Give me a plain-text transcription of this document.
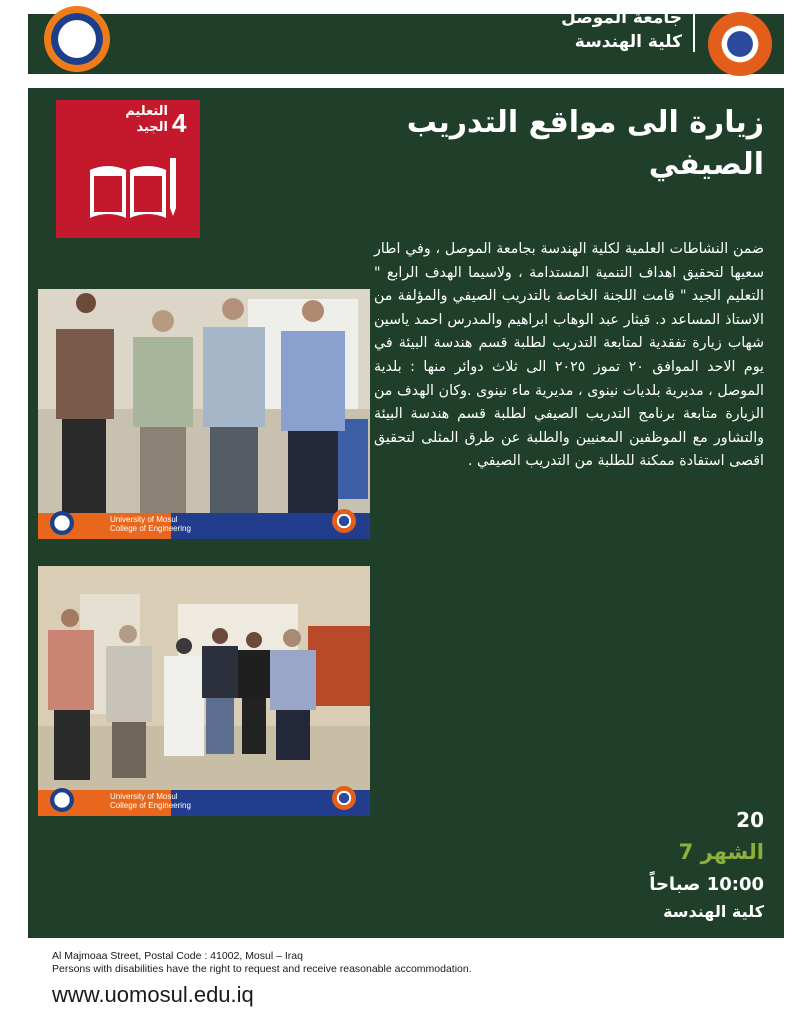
جامعة الموصل
كلية الهندسة
4
التعليم
الجيد	زيارة الى مواقع التدريب الصيفي
ضمن النشاطات العلمية لكلية الهندسة بجامعة الموصل ، وفي اطار سعيها لتحقيق اهداف التنمية المستدامة ، ولاسيما الهدف الرابع " التعليم الجيد " قامت اللجنة الخاصة بالتدريب الصيفي والمؤلفة من الاستاذ المساعد د. قيثار عبد الوهاب ابراهيم والمدرس احمد ياسين شهاب زيارة تفقدية لمتابعة التدريب لطلبة قسم هندسة البيئة في يوم الاحد الموافق ٢٠ تموز ٢٠٢٥ الى ثلاث دوائر منها : بلدية الموصل ، مديرية بلديات نينوى ، مديرية ماء نينوى .وكان الهدف من الزيارة متابعة برنامج التدريب الصيفي لطلبة قسم هندسة البيئة والتشاور مع الموظفين المعنيين والطلبة عن طرق المثلى لتحقيق اقصى استفادة ممكنة للطلبة من التدريب الصيفي .
University of Mosul
College of Engineering
University of Mosul
College of Engineering
20
الشهر 7
10:00 صباحاً
كلية الهندسة
Al Majmoaa Street, Postal Code : 41002, Mosul – Iraq
Persons with disabilities have the right to request and receive reasonable accommodation.
www.uomosul.edu.iq
